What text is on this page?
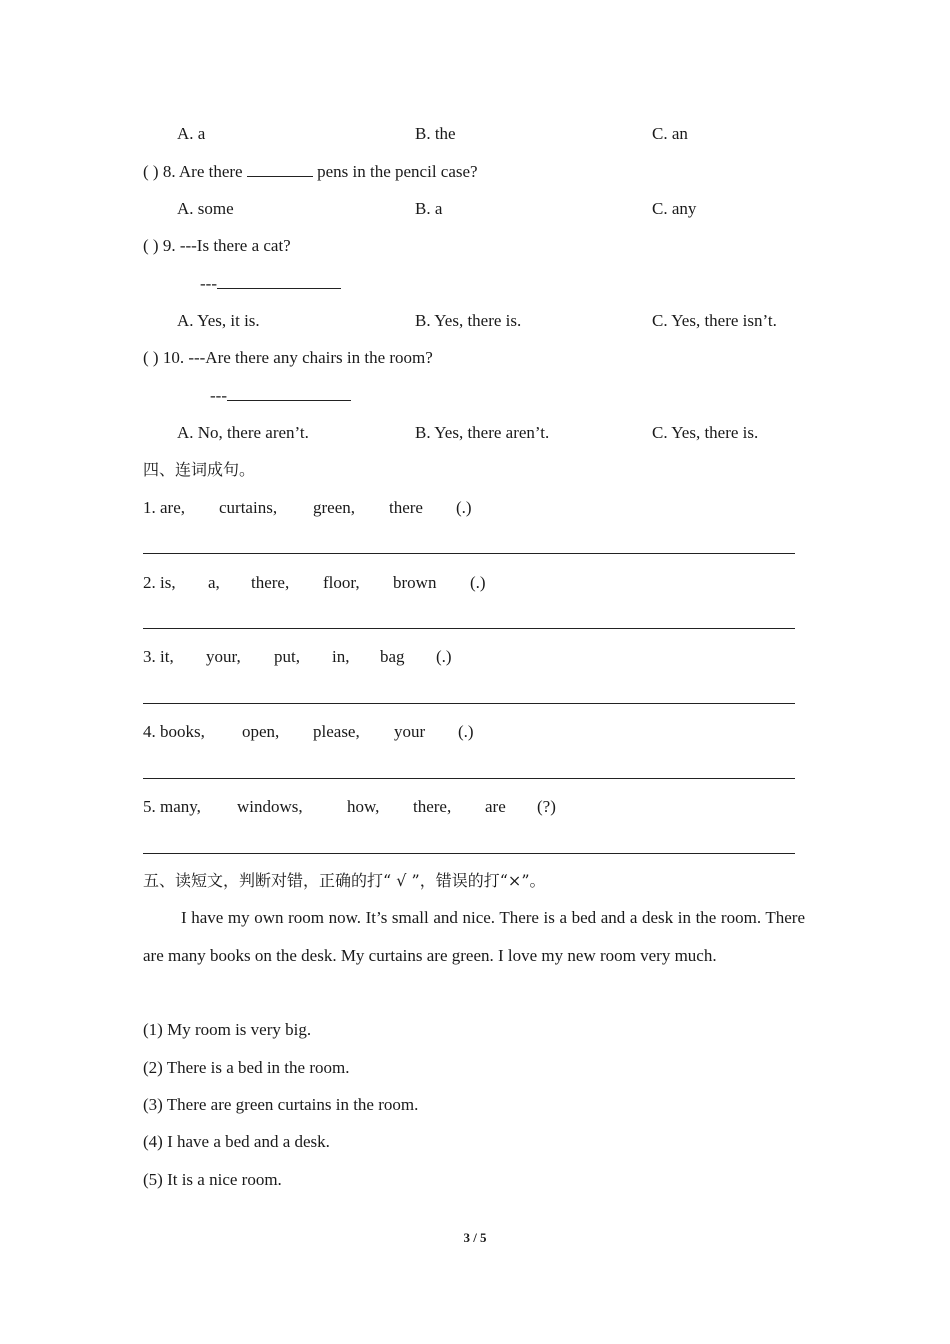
A. a	B. the	C. an
( ) 8. Are there	pens in the pencil case?
A. some	B. a	C. any
( ) 9. ---Is there a cat?
---
A. Yes, it is.	B. Yes, there is.	C. Yes, there isn’t.
( ) 10. ---Are there any chairs in the room?
---
A. No, there aren’t.	B. Yes, there aren’t.	C. Yes, there is.
四、连词成句。
1. are, curtains, green, there (.)
2. is, a, there, floor, brown (.)
3. it, your, put, in, bag (.)
4. books, open, please, your (.)
5. many, windows,	how, there, are (?)
五、读短文，判断对错，正确的打“ √ ”，错误的打“×”。
I have my own room now. It’s small and nice. There is a bed and a desk in the room. There are many books on the desk. My curtains are green. I love my new room very much.
(1) My room is very big.
(2) There is a bed in the room.
(3) There are green curtains in the room.
(4) I have a bed and a desk.
(5) It is a nice room.
3 / 5
